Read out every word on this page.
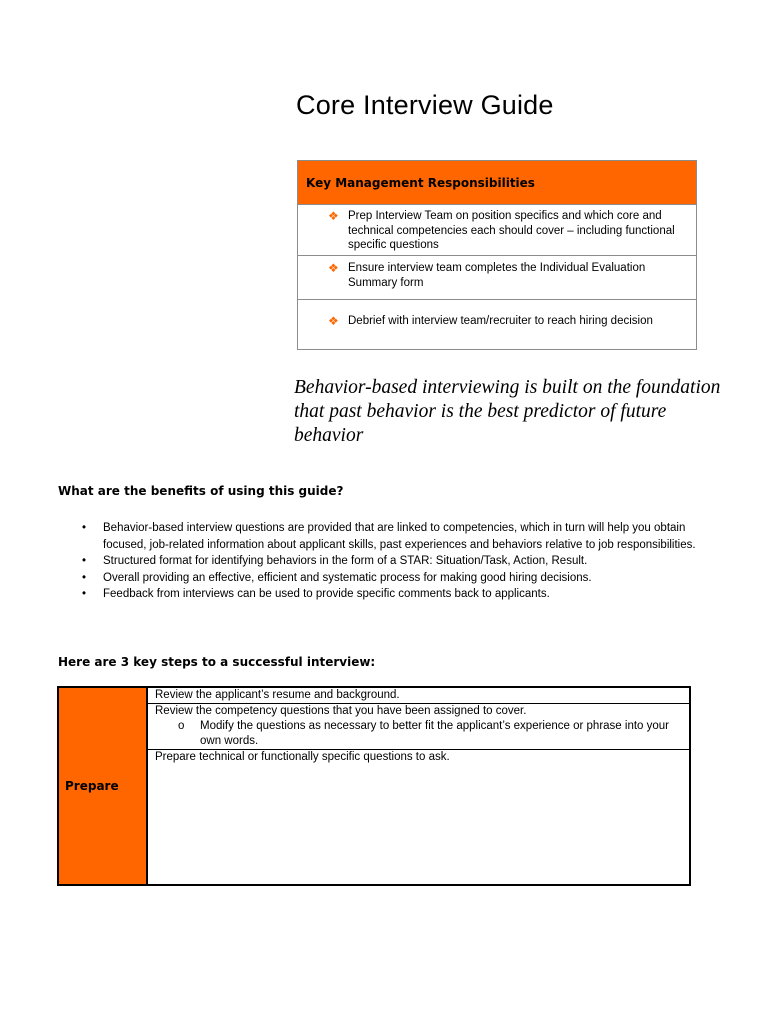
Core Interview Guide
Key Management Responsibilities
❖ Prep Interview Team on position specifics and which core and technical competencies each should cover – including functional specific questions
❖ Ensure interview team completes the Individual Evaluation Summary form
❖ Debrief with interview team/recruiter to reach hiring decision
Behavior-based interviewing is built on the foundation that past behavior is the best predictor of future behavior
What are the benefits of using this guide?
• Behavior-based interview questions are provided that are linked to competencies, which in turn will help you obtain focused, job-related information about applicant skills, past experiences and behaviors relative to job responsibilities.
• Structured format for identifying behaviors in the form of a STAR: Situation/Task, Action, Result.
• Overall providing an effective, efficient and systematic process for making good hiring decisions.
• Feedback from interviews can be used to provide specific comments back to applicants.
Here are 3 key steps to a successful interview:
Prepare
Review the applicant’s resume and background.
Review the competency questions that you have been assigned to cover.
o Modify the questions as necessary to better fit the applicant’s experience or phrase into your own words.
Prepare technical or functionally specific questions to ask.
